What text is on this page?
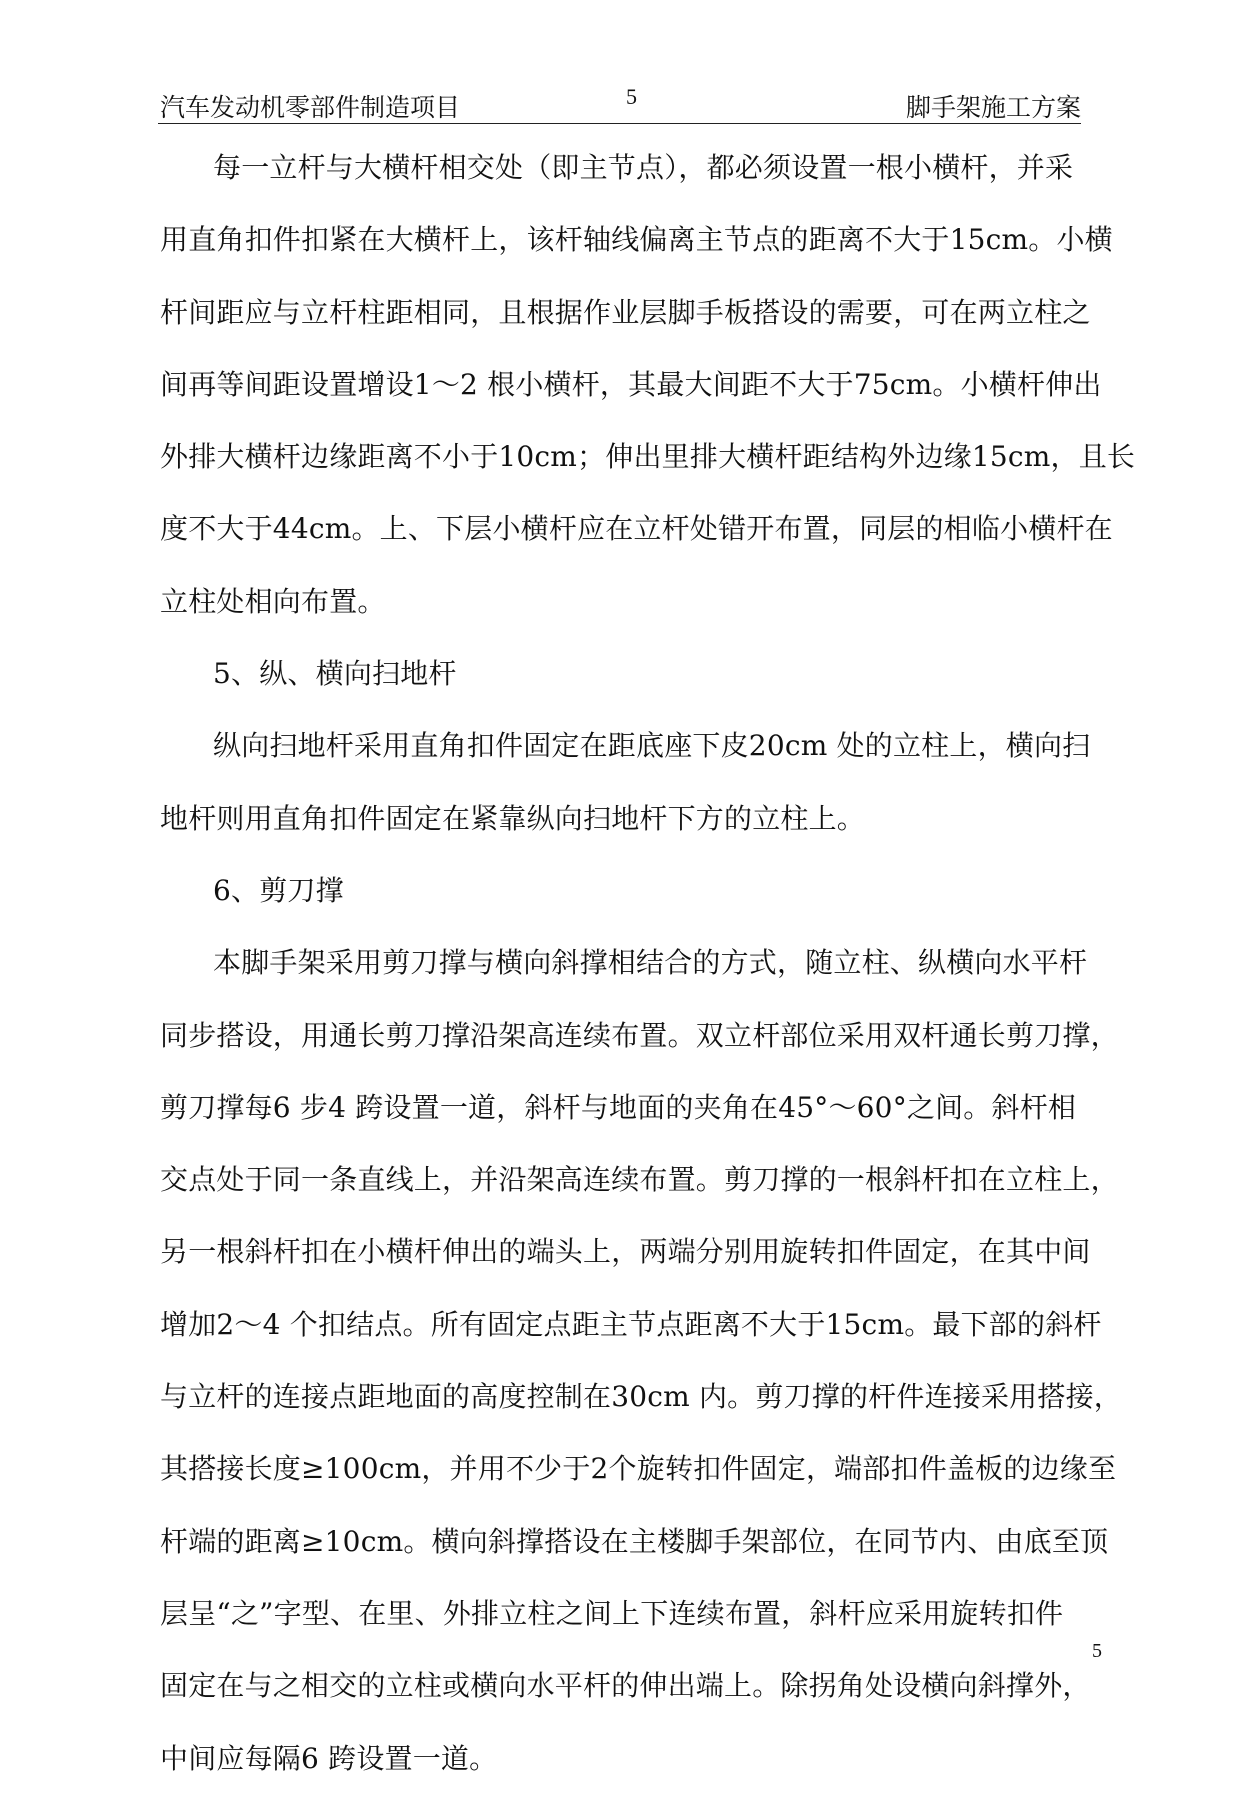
汽车发动机零部件制造项目	5	脚手架施工方案
每一立杆与大横杆相交处（即主节点），都必须设置一根小横杆，并采
用直角扣件扣紧在大横杆上，该杆轴线偏离主节点的距离不大于15cm。小横
杆间距应与立杆柱距相同，且根据作业层脚手板搭设的需要，可在两立柱之
间再等间距设置增设1～2 根小横杆，其最大间距不大于75cm。小横杆伸出
外排大横杆边缘距离不小于10cm；伸出里排大横杆距结构外边缘15cm，且长
度不大于44cm。上、下层小横杆应在立杆处错开布置，同层的相临小横杆在
立柱处相向布置。
5、纵、横向扫地杆
纵向扫地杆采用直角扣件固定在距底座下皮20cm 处的立柱上，横向扫
地杆则用直角扣件固定在紧靠纵向扫地杆下方的立柱上。
6、剪刀撑
本脚手架采用剪刀撑与横向斜撑相结合的方式，随立柱、纵横向水平杆
同步搭设，用通长剪刀撑沿架高连续布置。双立杆部位采用双杆通长剪刀撑，
剪刀撑每6 步4 跨设置一道，斜杆与地面的夹角在45°～60°之间。斜杆相
交点处于同一条直线上，并沿架高连续布置。剪刀撑的一根斜杆扣在立柱上，
另一根斜杆扣在小横杆伸出的端头上，两端分别用旋转扣件固定，在其中间
增加2～4 个扣结点。所有固定点距主节点距离不大于15cm。最下部的斜杆
与立杆的连接点距地面的高度控制在30cm 内。剪刀撑的杆件连接采用搭接，
其搭接长度≥100cm，并用不少于2个旋转扣件固定，端部扣件盖板的边缘至
杆端的距离≥10cm。横向斜撑搭设在主楼脚手架部位，在同节内、由底至顶
层呈“之”字型、在里、外排立柱之间上下连续布置，斜杆应采用旋转扣件
固定在与之相交的立柱或横向水平杆的伸出端上。除拐角处设横向斜撑外，
中间应每隔6 跨设置一道。
5
